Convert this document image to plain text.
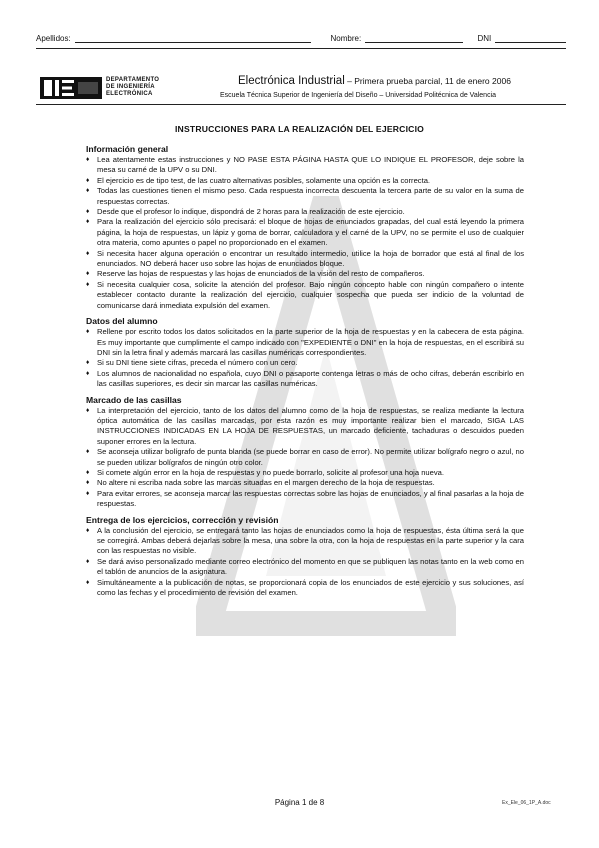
Apellidos:	Nombre:	DNI
DEPARTAMENTO
DE INGENIERÍA
ELECTRÓNICA
Electrónica Industrial – Primera prueba parcial, 11 de enero 2006
Escuela Técnica Superior de Ingeniería del Diseño – Universidad Politécnica de Valencia
INSTRUCCIONES PARA LA REALIZACIÓN DEL EJERCICIO
Información general
♦ Lea atentamente estas instrucciones y NO PASE ESTA PÁGINA HASTA QUE LO INDIQUE EL PROFESOR, deje sobre la mesa su carné de la UPV o su DNI.
♦ El ejercicio es de tipo test, de las cuatro alternativas posibles, solamente una opción es la correcta.
♦ Todas las cuestiones tienen el mismo peso. Cada respuesta incorrecta descuenta la tercera parte de su valor en la suma de respuestas correctas.
♦ Desde que el profesor lo indique, dispondrá de 2 horas para la realización de este ejercicio.
♦ Para la realización del ejercicio sólo precisará: el bloque de hojas de enunciados grapadas, del cual está leyendo la primera página, la hoja de respuestas, un lápiz y goma de borrar, calculadora y el carné de la UPV, no se permite el uso de cualquier otra materia, como apuntes o papel no proporcionado en el examen.
♦ Si necesita hacer alguna operación o encontrar un resultado intermedio, utilice la hoja de borrador que está al final de los enunciados. NO deberá hacer uso sobre las hojas de enunciados bloque.
♦ Reserve las hojas de respuestas y las hojas de enunciados de la visión del resto de compañeros.
♦ Si necesita cualquier cosa, solicite la atención del profesor. Bajo ningún concepto hable con ningún compañero o intente establecer contacto durante la realización del ejercicio, cualquier sospecha que pueda ser indicio de la voluntad de comunicarse dará inmediata expulsión del examen.
Datos del alumno
♦ Rellene por escrito todos los datos solicitados en la parte superior de la hoja de respuestas y en la cabecera de esta página. Es muy importante que cumplimente el campo indicado con "EXPEDIENTE o DNI" en la hoja de respuestas, en el escribirá su DNI sin la letra final y además marcará las casillas numéricas correspondientes.
♦ Si su DNI tiene siete cifras, preceda el número con un cero.
♦ Los alumnos de nacionalidad no española, cuyo DNI o pasaporte contenga letras o más de ocho cifras, deberán escribirlo en las casillas superiores, es decir sin marcar las casillas numéricas.
Marcado de las casillas
♦ La interpretación del ejercicio, tanto de los datos del alumno como de la hoja de respuestas, se realiza mediante la lectura óptica automática de las casillas marcadas, por esta razón es muy importante realizar bien el marcado, SIGA LAS INSTRUCCIONES INDICADAS EN LA HOJA DE RESPUESTAS, un marcado deficiente, tachaduras o descuidos pueden suponer errores en la lectura.
♦ Se aconseja utilizar bolígrafo de punta blanda (se puede borrar en caso de error). No permite utilizar bolígrafo negro o azul, no se pueden utilizar bolígrafos de ningún otro color.
♦ Si comete algún error en la hoja de respuestas y no puede borrarlo, solicite al profesor una hoja nueva.
♦ No altere ni escriba nada sobre las marcas situadas en el margen derecho de la hoja de respuestas.
♦ Para evitar errores, se aconseja marcar las respuestas correctas sobre las hojas de enunciados, y al final pasarlas a la hoja de respuestas.
Entrega de los ejercicios, corrección y revisión
♦ A la conclusión del ejercicio, se entregará tanto las hojas de enunciados como la hoja de respuestas, ésta última será la que se corregirá. Ambas deberá dejarlas sobre la mesa, una sobre la otra, con la hoja de respuestas en la parte superior y la cara con las respuestas no visible.
♦ Se dará aviso personalizado mediante correo electrónico del momento en que se publiquen las notas tanto en la web como en el tablón de anuncios de la asignatura.
♦ Simultáneamente a la publicación de notas, se proporcionará copia de los enunciados de este ejercicio y sus soluciones, así como las fechas y el procedimiento de revisión del examen.
Página 1 de 8	Ex_Ele_06_1P_A.doc
